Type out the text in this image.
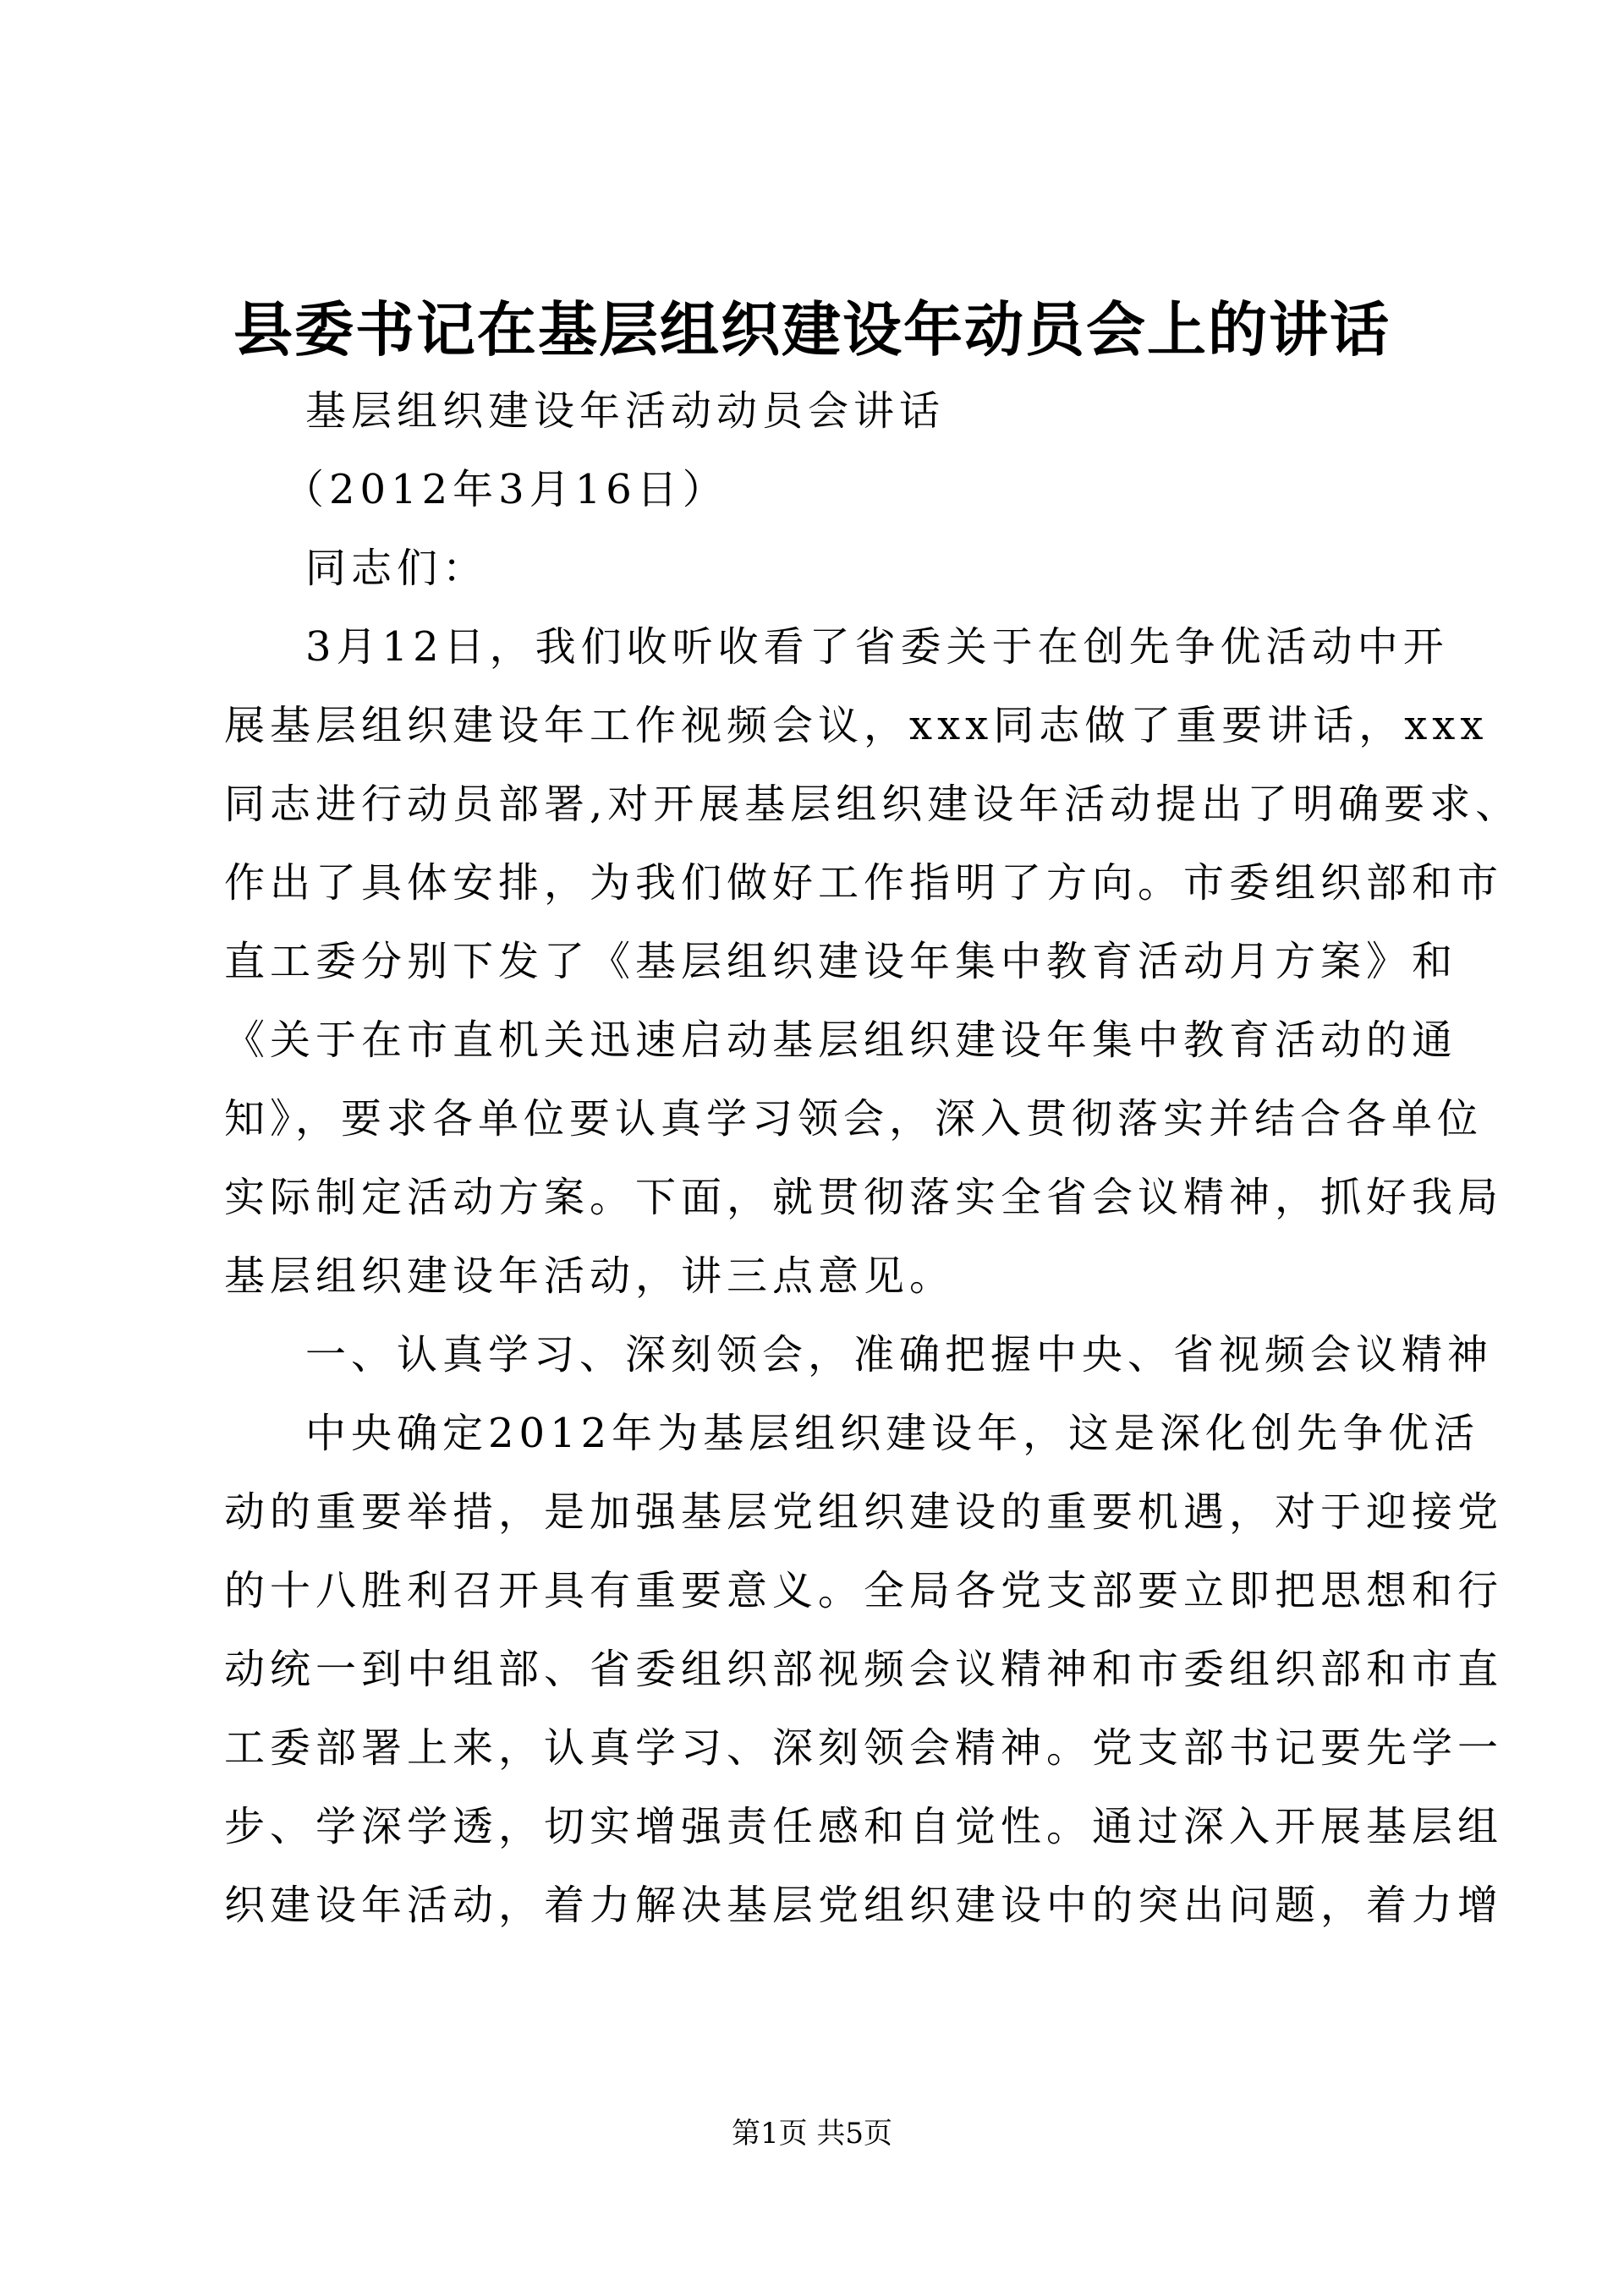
县委书记在基层组织建设年动员会上的讲话
基层组织建设年活动动员会讲话
（2012年3月16日）
同志们：
3月12日，我们收听收看了省委关于在创先争优活动中开
展基层组织建设年工作视频会议，xxx同志做了重要讲话，xxx
同志进行动员部署,对开展基层组织建设年活动提出了明确要求、
作出了具体安排，为我们做好工作指明了方向。市委组织部和市
直工委分别下发了《基层组织建设年集中教育活动月方案》和
《关于在市直机关迅速启动基层组织建设年集中教育活动的通
知》，要求各单位要认真学习领会，深入贯彻落实并结合各单位
实际制定活动方案。下面，就贯彻落实全省会议精神，抓好我局
基层组织建设年活动，讲三点意见。
一、认真学习、深刻领会，准确把握中央、省视频会议精神
中央确定2012年为基层组织建设年，这是深化创先争优活
动的重要举措，是加强基层党组织建设的重要机遇，对于迎接党
的十八胜利召开具有重要意义。全局各党支部要立即把思想和行
动统一到中组部、省委组织部视频会议精神和市委组织部和市直
工委部署上来，认真学习、深刻领会精神。党支部书记要先学一
步、学深学透，切实增强责任感和自觉性。通过深入开展基层组
织建设年活动，着力解决基层党组织建设中的突出问题，着力增
第1页 共5页
